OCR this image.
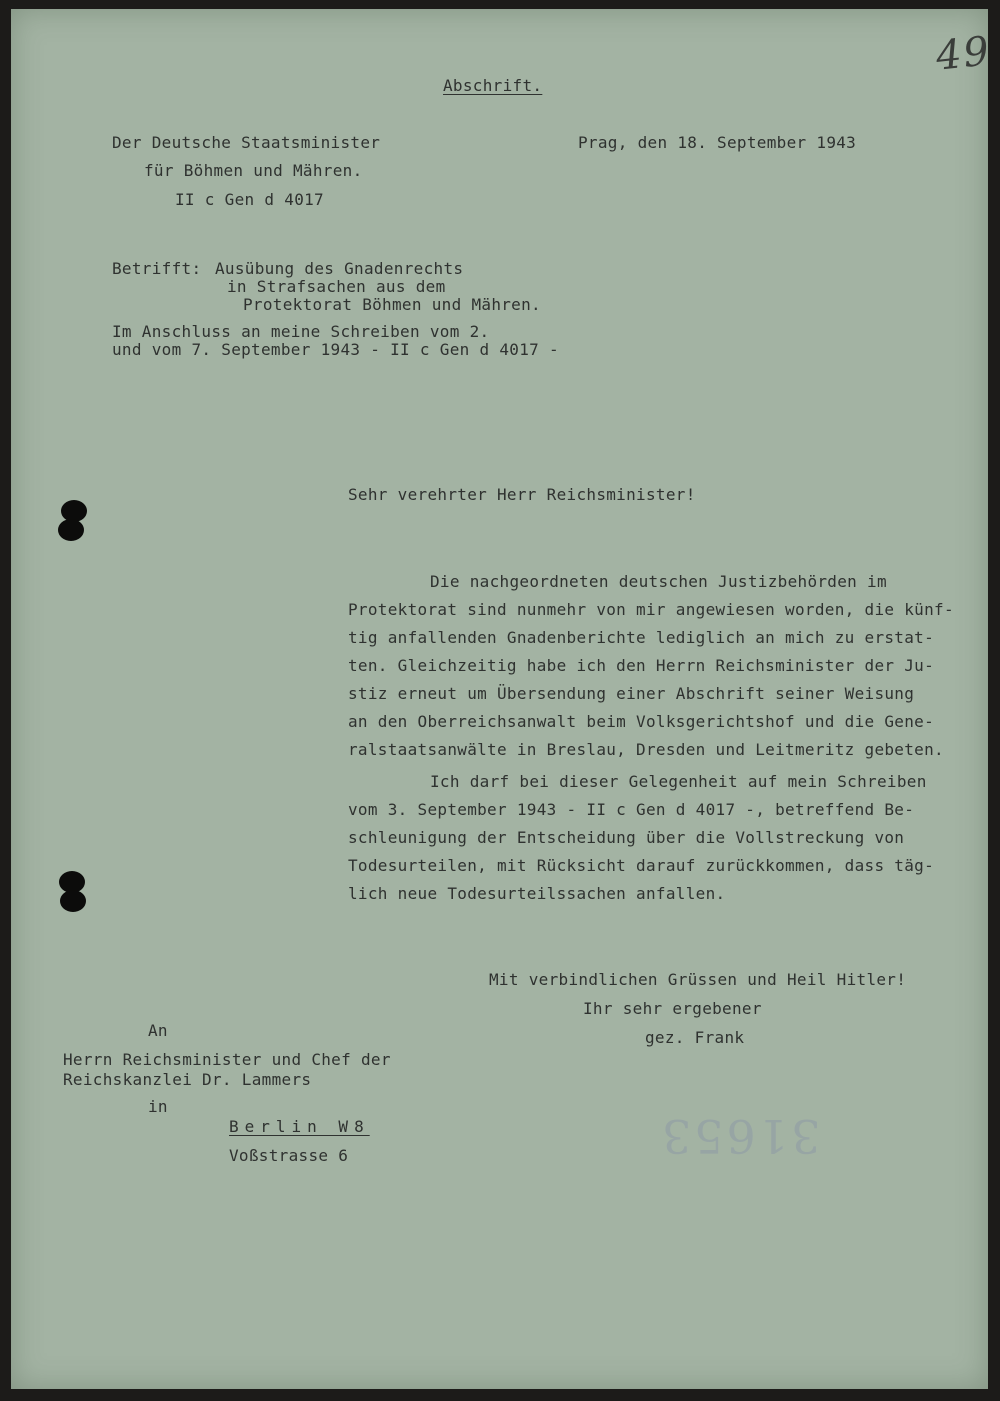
49
31653
Abschrift.
Der Deutsche Staatsminister
für Böhmen und Mähren.
II c Gen d 4017
Prag, den 18. September 1943
Betrifft: Ausübung des Gnadenrechts
in Strafsachen aus dem
Protektorat Böhmen und Mähren.
Im Anschluss an meine Schreiben vom 2.
und vom 7. September 1943 - II c Gen d 4017 -
Sehr verehrter Herr Reichsminister!
Die nachgeordneten deutschen Justizbehörden im
Protektorat sind nunmehr von mir angewiesen worden, die künf-
tig anfallenden Gnadenberichte lediglich an mich zu erstat-
ten. Gleichzeitig habe ich den Herrn Reichsminister der Ju-
stiz erneut um Übersendung einer Abschrift seiner Weisung
an den Oberreichsanwalt beim Volksgerichtshof und die Gene-
ralstaatsanwälte in Breslau, Dresden und Leitmeritz gebeten.
Ich darf bei dieser Gelegenheit auf mein Schreiben
vom 3. September 1943 - II c Gen d 4017 -, betreffend Be-
schleunigung der Entscheidung über die Vollstreckung von
Todesurteilen, mit Rücksicht darauf zurückkommen, dass täg-
lich neue Todesurteilssachen anfallen.
Mit verbindlichen Grüssen und Heil Hitler!
Ihr sehr ergebener
gez. Frank
An
Herrn Reichsminister und Chef der
Reichskanzlei Dr. Lammers
in
Berlin W8
Voßstrasse 6
